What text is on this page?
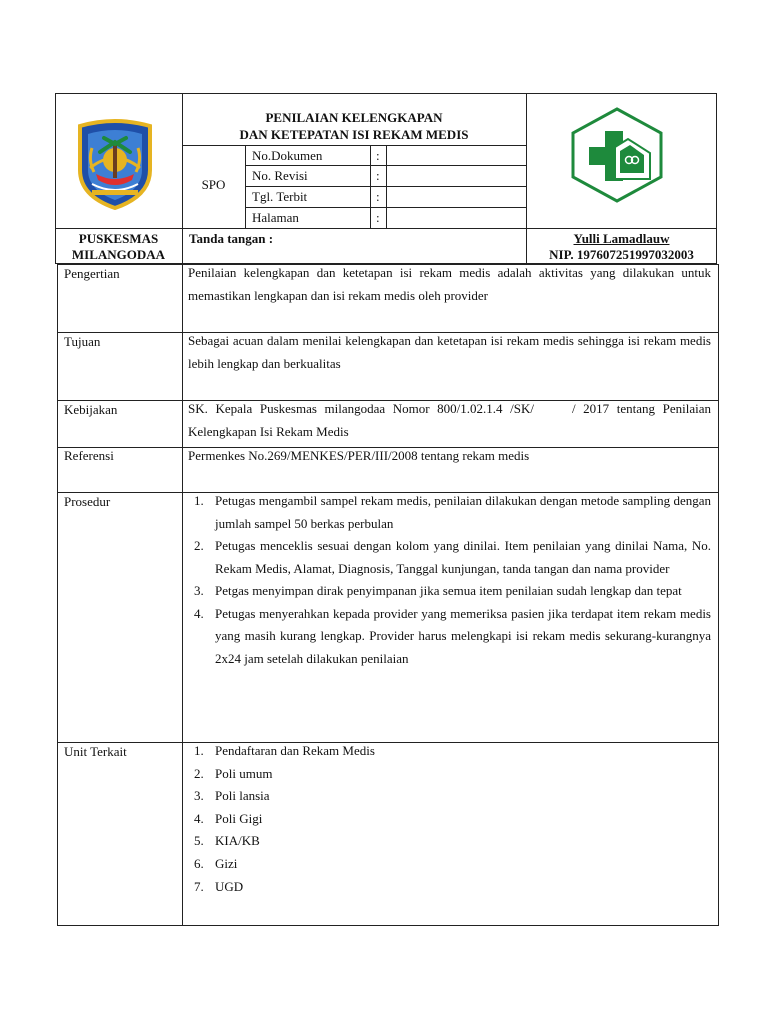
PENILAIAN KELENGKAPAN
DAN KETEPATAN ISI REKAM MEDIS
SPO
No.Dokumen	:
No. Revisi	:
Tgl. Terbit	:
Halaman	:
PUSKESMAS
MILANGODAA
Tanda tangan :	Yulli Lamadlauw
NIP. 197607251997032003
Pengertian	Penilaian kelengkapan dan ketetapan isi rekam medis adalah aktivitas yang dilakukan untuk memastikan lengkapan dan isi rekam medis oleh provider
Tujuan	Sebagai acuan dalam menilai kelengkapan dan ketetapan isi rekam medis sehingga isi rekam medis lebih lengkap dan berkualitas
Kebijakan	SK. Kepala Puskesmas milangodaa Nomor 800/1.02.1.4 /SK/     / 2017 tentang Penilaian Kelengkapan Isi Rekam Medis
Referensi	Permenkes No.269/MENKES/PER/III/2008 tentang rekam medis
Prosedur	1. Petugas mengambil sampel rekam medis, penilaian dilakukan dengan metode sampling dengan jumlah sampel 50 berkas perbulan
2. Petugas menceklis sesuai dengan kolom yang dinilai. Item penilaian yang dinilai Nama, No. Rekam Medis, Alamat, Diagnosis, Tanggal kunjungan, tanda tangan dan nama provider
3. Petgas menyimpan dirak penyimpanan jika semua item penilaian sudah lengkap dan tepat
4. Petugas menyerahkan kepada provider yang memeriksa pasien jika terdapat item rekam medis yang masih kurang lengkap. Provider harus melengkapi isi rekam medis sekurang-kurangnya 2x24 jam setelah dilakukan penilaian
Unit Terkait	1. Pendaftaran dan Rekam Medis
2. Poli umum
3. Poli lansia
4. Poli Gigi
5. KIA/KB
6. Gizi
7. UGD
